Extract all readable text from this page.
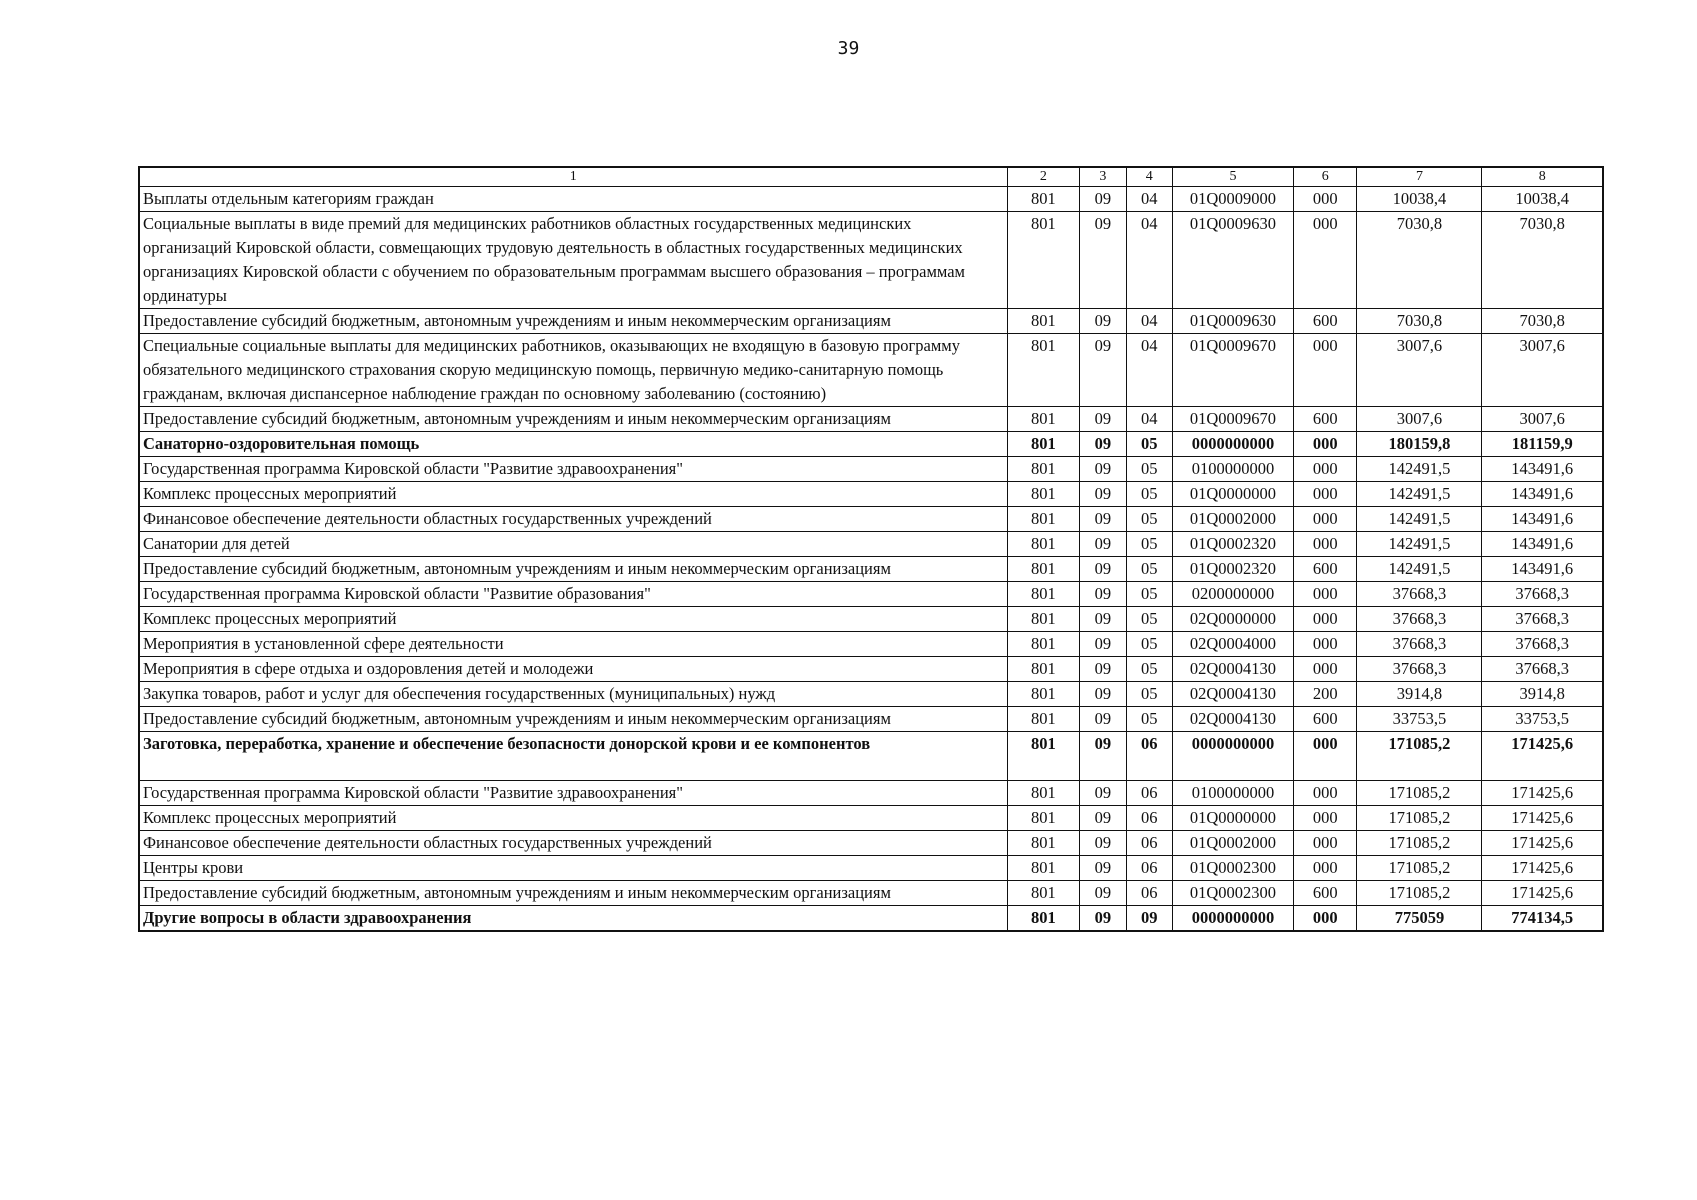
39
1	2	3	4	5	6	7	8
Выплаты отдельным категориям граждан	801	09	04	01Q0009000	000	10038,4	10038,4
Социальные выплаты в виде премий для медицинских работников областных государственных медицинских организаций Кировской области, совмещающих трудовую деятельность в областных государственных медицинских организациях Кировской области с обучением по образовательным программам высшего образования – программам ординатуры	801	09	04	01Q0009630	000	7030,8	7030,8
Предоставление субсидий бюджетным, автономным учреждениям и иным некоммерческим организациям	801	09	04	01Q0009630	600	7030,8	7030,8
Специальные социальные выплаты для медицинских работников, оказывающих не входящую в базовую программу обязательного медицинского страхования скорую медицинскую помощь, первичную медико-санитарную помощь гражданам, включая диспансерное наблюдение граждан по основному заболеванию (состоянию)	801	09	04	01Q0009670	000	3007,6	3007,6
Предоставление субсидий бюджетным, автономным учреждениям и иным некоммерческим организациям	801	09	04	01Q0009670	600	3007,6	3007,6
Санаторно-оздоровительная помощь	801	09	05	0000000000	000	180159,8	181159,9
Государственная программа Кировской области "Развитие здравоохранения"	801	09	05	0100000000	000	142491,5	143491,6
Комплекс процессных мероприятий	801	09	05	01Q0000000	000	142491,5	143491,6
Финансовое обеспечение деятельности областных государственных учреждений	801	09	05	01Q0002000	000	142491,5	143491,6
Санатории для детей	801	09	05	01Q0002320	000	142491,5	143491,6
Предоставление субсидий бюджетным, автономным учреждениям и иным некоммерческим организациям	801	09	05	01Q0002320	600	142491,5	143491,6
Государственная программа Кировской области "Развитие образования"	801	09	05	0200000000	000	37668,3	37668,3
Комплекс процессных мероприятий	801	09	05	02Q0000000	000	37668,3	37668,3
Мероприятия в установленной сфере деятельности	801	09	05	02Q0004000	000	37668,3	37668,3
Мероприятия в сфере отдыха и оздоровления детей и молодежи	801	09	05	02Q0004130	000	37668,3	37668,3
Закупка товаров, работ и услуг для обеспечения государственных (муниципальных) нужд	801	09	05	02Q0004130	200	3914,8	3914,8
Предоставление субсидий бюджетным, автономным учреждениям и иным некоммерческим организациям	801	09	05	02Q0004130	600	33753,5	33753,5
Заготовка, переработка, хранение и обеспечение безопасности донорской крови и ее компонентов	801	09	06	0000000000	000	171085,2	171425,6
Государственная программа Кировской области "Развитие здравоохранения"	801	09	06	0100000000	000	171085,2	171425,6
Комплекс процессных мероприятий	801	09	06	01Q0000000	000	171085,2	171425,6
Финансовое обеспечение деятельности областных государственных учреждений	801	09	06	01Q0002000	000	171085,2	171425,6
Центры крови	801	09	06	01Q0002300	000	171085,2	171425,6
Предоставление субсидий бюджетным, автономным учреждениям и иным некоммерческим организациям	801	09	06	01Q0002300	600	171085,2	171425,6
Другие вопросы в области здравоохранения	801	09	09	0000000000	000	775059	774134,5
